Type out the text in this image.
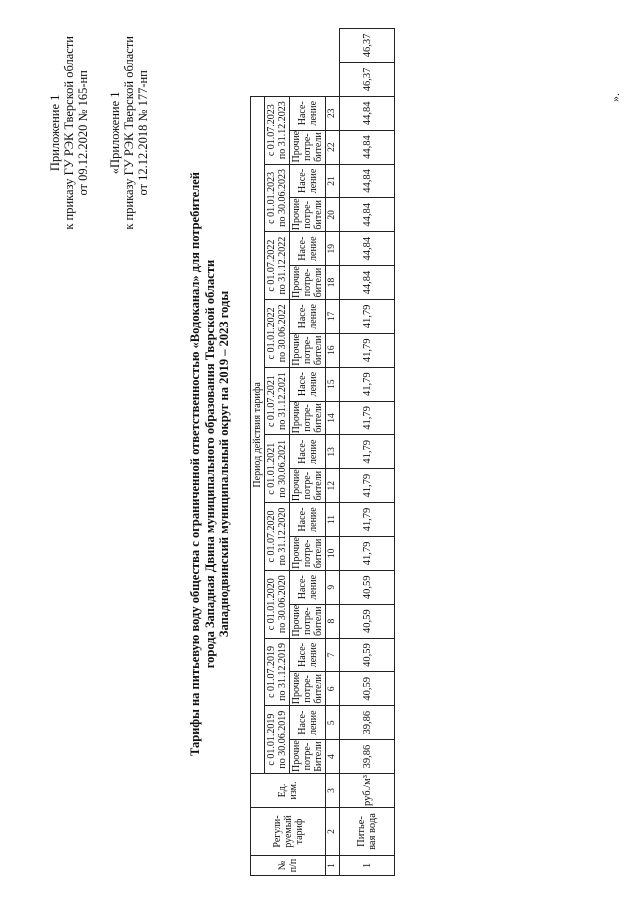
Приложение 1 к приказу ГУ РЭК Тверской области от 09.12.2020 № 165-нп «Приложение 1 к приказу ГУ РЭК Тверской области от 12.12.2018 № 177-нп
Тарифы на питьевую воду общества с ограниченной ответственностью «Водоканал» для потребителей города Западная Двина муниципального образования Тверской области Западнодвинский муниципальный округ на 2019 – 2023 годы
№ п/п	Регули-руемый тариф	Ед. изм.	Период действия тарифа																					
			с 01.01.2019 по 30.06.2019		с 01.07.2019 по 31.12.2019		с 01.01.2020 по 30.06.2020		с 01.07.2020 по 31.12.2020		с 01.01.2021 по 30.06.2021		с 01.07.2021 по 31.12.2021		с 01.01.2022 по 30.06.2022		с 01.07.2022 по 31.12.2022		с 01.01.2023 по 30.06.2023		с 01.07.2023 по 31.12.2023			
			Прочие потре-Бители	Насе-ление	Прочие потре-бители	Насе-ление	Прочие потре-бители	Насе-ление	Прочие потре-бители	Насе-ление	Прочие потре-бители	Насе-ление	Прочие потре-бители	Насе-ление	Прочие потре-бители	Насе-ление	Прочие потре-бители	Насе-ление	Прочие потре-бители	Насе-ление	Прочие потре-бители	Насе-ление		
1	2	3	4	5	6	7	8	9	10	11	12	13	14	15	16	17	18	19	20	21	22	23		
1	Питье-вая вода	руб./м³	39,86	39,86	40,59	40,59	40,59	40,59	41,79	41,79	41,79	41,79	41,79	41,79	41,79	41,79	44,84	44,84	44,84	44,84	44,84	44,84	46,37	46,37
».
